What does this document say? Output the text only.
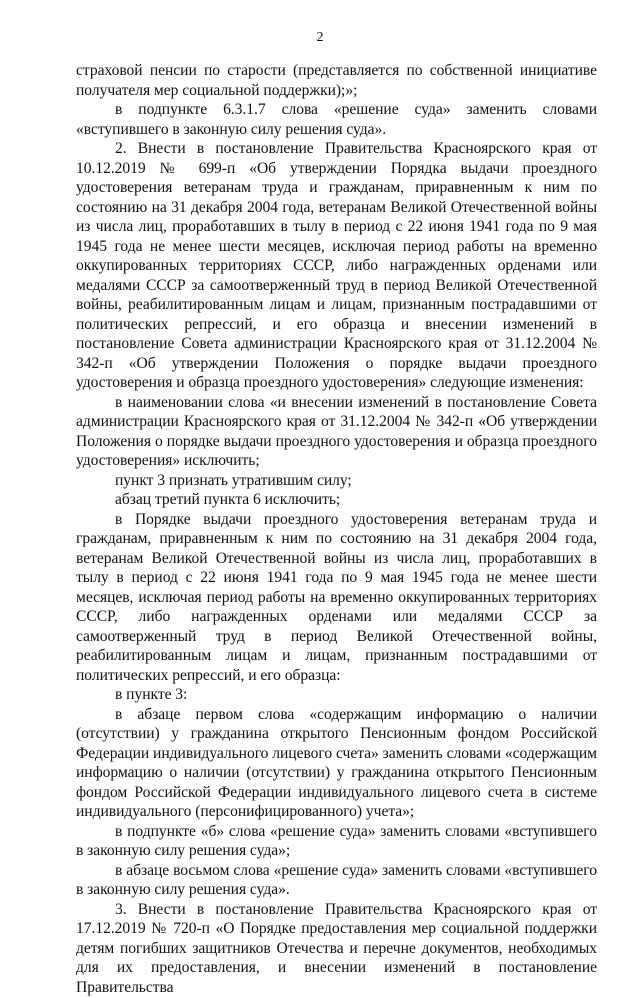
2

страховой пенсии по старости (представляется по собственной инициативе получателя мер социальной поддержки);»;

в подпункте 6.3.1.7 слова «решение суда» заменить словами «вступившего в законную силу решения суда».

2. Внести в постановление Правительства Красноярского края от 10.12.2019 № 699-п «Об утверждении Порядка выдачи проездного удостоверения ветеранам труда и гражданам, приравненным к ним по состоянию на 31 декабря 2004 года, ветеранам Великой Отечественной войны из числа лиц, проработавших в тылу в период с 22 июня 1941 года по 9 мая 1945 года не менее шести месяцев, исключая период работы на временно оккупированных территориях СССР, либо награжденных орденами или медалями СССР за самоотверженный труд в период Великой Отечественной войны, реабилитированным лицам и лицам, признанным пострадавшими от политических репрессий, и его образца и внесении изменений в постановление Совета администрации Красноярского края от 31.12.2004 № 342-п «Об утверждении Положения о порядке выдачи проездного удостоверения и образца проездного удостоверения» следующие изменения:

в наименовании слова «и внесении изменений в постановление Совета администрации Красноярского края от 31.12.2004 № 342-п «Об утверждении Положения о порядке выдачи проездного удостоверения и образца проездного удостоверения» исключить;

пункт 3 признать утратившим силу;

абзац третий пункта 6 исключить;

в Порядке выдачи проездного удостоверения ветеранам труда и гражданам, приравненным к ним по состоянию на 31 декабря 2004 года, ветеранам Великой Отечественной войны из числа лиц, проработавших в тылу в период с 22 июня 1941 года по 9 мая 1945 года не менее шести месяцев, исключая период работы на временно оккупированных территориях СССР, либо награжденных орденами или медалями СССР за самоотверженный труд в период Великой Отечественной войны, реабилитированным лицам и лицам, признанным пострадавшими от политических репрессий, и его образца:

в пункте 3:

в абзаце первом слова «содержащим информацию о наличии (отсутствии) у гражданина открытого Пенсионным фондом Российской Федерации индивидуального лицевого счета» заменить словами «содержащим информацию о наличии (отсутствии) у гражданина открытого Пенсионным фондом Российской Федерации индивидуального лицевого счета в системе индивидуального (персонифицированного) учета»;

в подпункте «б» слова «решение суда» заменить словами «вступившего в законную силу решения суда»;

в абзаце восьмом слова «решение суда» заменить словами «вступившего в законную силу решения суда».

3. Внести в постановление Правительства Красноярского края от 17.12.2019 № 720-п «О Порядке предоставления мер социальной поддержки детям погибших защитников Отечества и перечне документов, необходимых для их предоставления, и внесении изменений в постановление Правительства
